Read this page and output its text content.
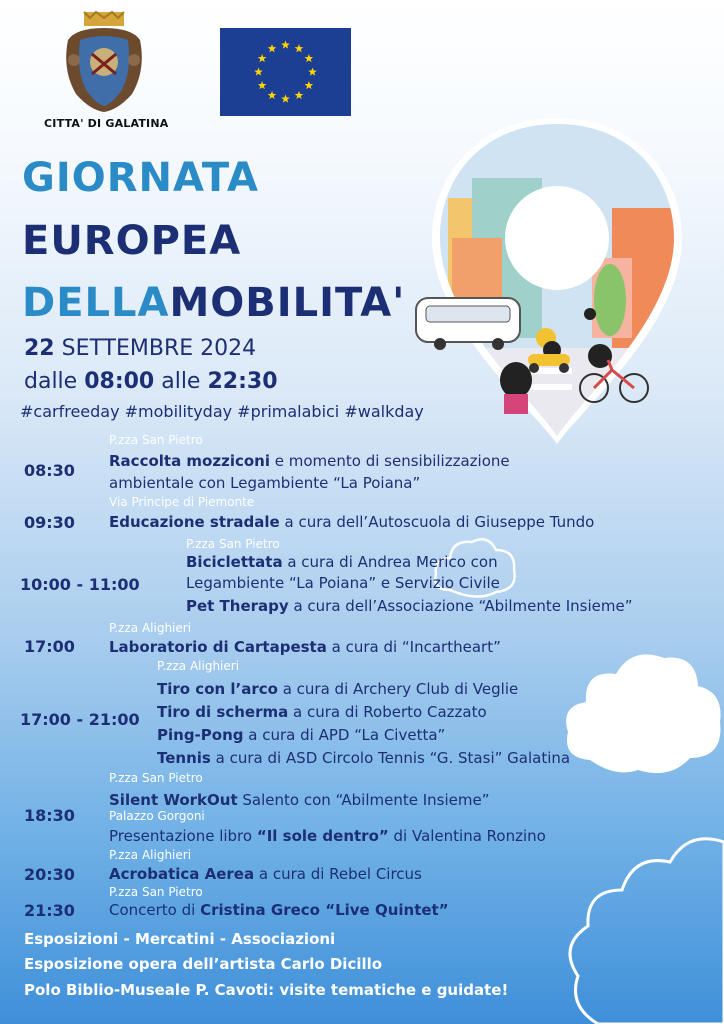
CITTA' DI GALATINA
GIORNATA
EUROPEA
DELLAMOBILITA'
22 SETTEMBRE 2024
dalle 08:00 alle 22:30
#carfreeday #mobilityday #primalabici #walkday
P.zza San Pietro
08:30 Raccolta mozziconi e momento di sensibilizzazione
ambientale con Legambiente “La Poiana”
Via Principe di Piemonte
09:30 Educazione stradale a cura dell’Autoscuola di Giuseppe Tundo
P.zza San Pietro
10:00 - 11:00
Biciclettata a cura di Andrea Merico con
Legambiente “La Poiana” e Servizio Civile
Pet Therapy a cura dell’Associazione “Abilmente Insieme”
P.zza Alighieri
17:00 Laboratorio di Cartapesta a cura di “Incartheart”
P.zza Alighieri
17:00 - 21:00
Tiro con l’arco a cura di Archery Club di Veglie
Tiro di scherma a cura di Roberto Cazzato
Ping-Pong a cura di APD “La Civetta”
Tennis a cura di ASD Circolo Tennis “G. Stasi” Galatina
P.zza San Pietro
18:30
Silent WorkOut Salento con “Abilmente Insieme”
Palazzo Gorgoni
Presentazione libro “Il sole dentro” di Valentina Ronzino
P.zza Alighieri
20:30 Acrobatica Aerea a cura di Rebel Circus
P.zza San Pietro
21:30 Concerto di Cristina Greco “Live Quintet”
Esposizioni - Mercatini - Associazioni
Esposizione opera dell’artista Carlo Dicillo
Polo Biblio-Museale P. Cavoti: visite tematiche e guidate!
